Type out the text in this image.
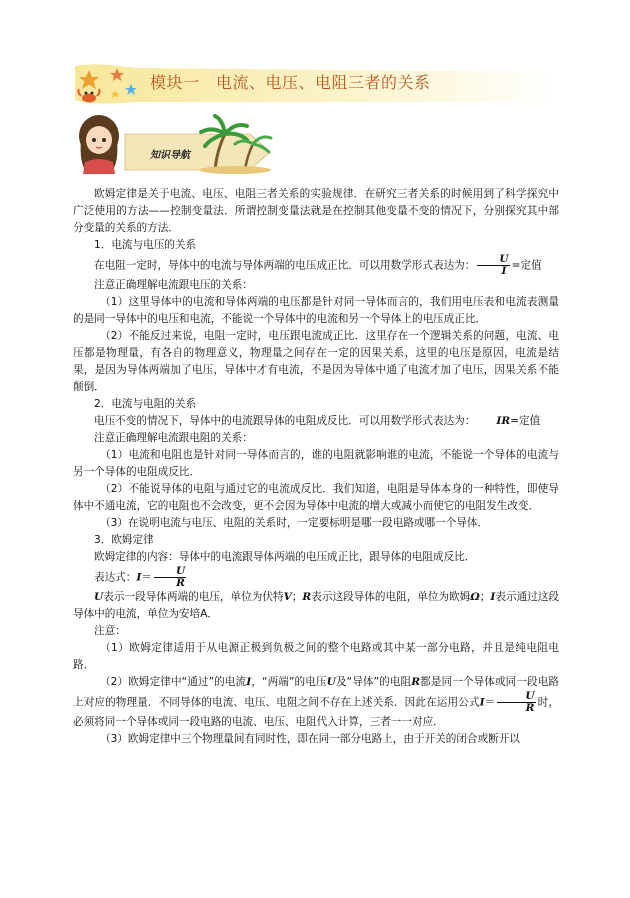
模块一　电流、电压、电阻三者的关系
知识导航

欧姆定律是关于电流、电压、电阻三者关系的实验规律．在研究三者关系的时候用到了科学探究中广泛使用的方法——控制变量法．所谓控制变量法就是在控制其他变量不变的情况下，分别探究其中部分变量的关系的方法．

1．电流与电压的关系

在电阻一定时，导体中的电流与导体两端的电压成正比．可以用数学形式表达为： $\frac{U}{I}$ =定值

注意正确理解电流跟电压的关系：

（1）这里导体中的电流和导体两端的电压都是针对同一导体而言的，我们用电压表和电流表测量的是同一导体中的电压和电流，不能说一个导体中的电流和另一个导体上的电压成正比．

（2）不能反过来说，电阻一定时，电压跟电流成正比．这里存在一个逻辑关系的问题，电流、电压都是物理量，有各自的物理意义，物理量之间存在一定的因果关系，这里的电压是原因，电流是结果，是因为导体两端加了电压，导体中才有电流，不是因为导体中通了电流才加了电压，因果关系不能颠倒．

2．电流与电阻的关系

电压不变的情况下，导体中的电流跟导体的电阻成反比．可以用数学形式表达为： IR=定值

注意正确理解电流跟电阻的关系：

（1）电流和电阻也是针对同一导体而言的，谁的电阻就影响谁的电流，不能说一个导体的电流与另一个导体的电阻成反比．

（2）不能说导体的电阻与通过它的电流成反比．我们知道，电阻是导体本身的一种特性，即使导体中不通电流，它的电阻也不会改变，更不会因为导体中电流的增大或减小而使它的电阻发生改变．

（3）在说明电流与电压、电阻的关系时，一定要标明是哪一段电路或哪一个导体．

3．欧姆定律

欧姆定律的内容：导体中的电流跟导体两端的电压成正比，跟导体的电阻成反比．

表达式：$I= \frac{U}{R}$

U表示一段导体两端的电压，单位为伏特V；R表示这段导体的电阻，单位为欧姆Ω；I表示通过这段导体中的电流，单位为安培A．

注意：

（1）欧姆定律适用于从电源正极到负极之间的整个电路或其中某一部分电路，并且是纯电阻电路．

（2）欧姆定律中“通过”的电流I，“两端”的电压U及“导体”的电阻R都是同一个导体或同一段电路上对应的物理量．不同导体的电流、电压、电阻之间不存在上述关系．因此在运用公式$I= \frac{U}{R}$ 时，必须将同一个导体或同一段电路的电流、电压、电阻代入计算，三者一一对应．

（3）欧姆定律中三个物理量间有同时性，即在同一部分电路上，由于开关的闭合或断开以
